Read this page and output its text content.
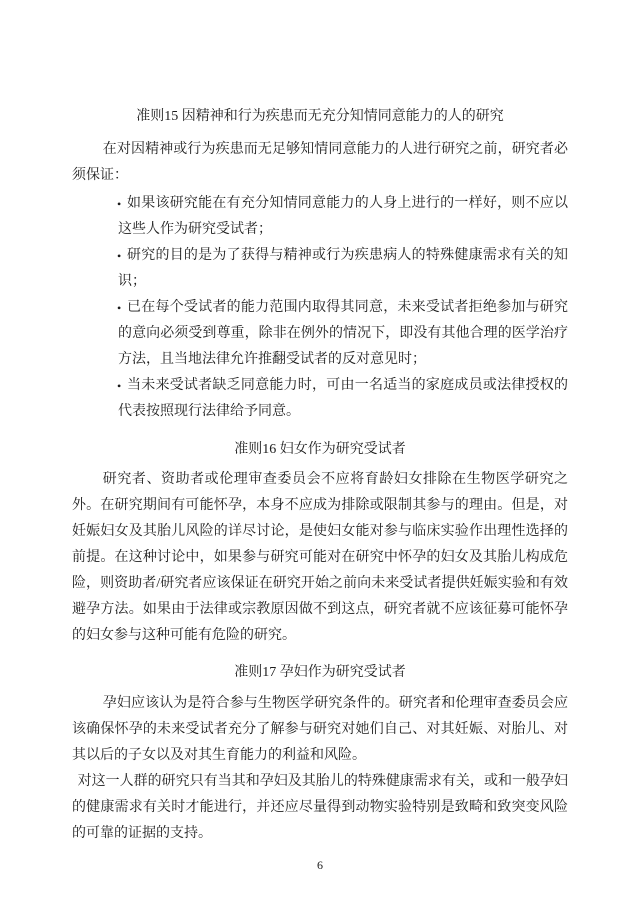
准则15 因精神和行为疾患而无充分知情同意能力的人的研究

在对因精神或行为疾患而无足够知情同意能力的人进行研究之前，研究者必须保证：

• 如果该研究能在有充分知情同意能力的人身上进行的一样好，则不应以这些人作为研究受试者；
• 研究的目的是为了获得与精神或行为疾患病人的特殊健康需求有关的知识；
• 已在每个受试者的能力范围内取得其同意，未来受试者拒绝参加与研究的意向必须受到尊重，除非在例外的情况下，即没有其他合理的医学治疗方法，且当地法律允许推翻受试者的反对意见时；
• 当未来受试者缺乏同意能力时，可由一名适当的家庭成员或法律授权的代表按照现行法律给予同意。
准则16 妇女作为研究受试者

研究者、资助者或伦理审查委员会不应将育龄妇女排除在生物医学研究之外。在研究期间有可能怀孕，本身不应成为排除或限制其参与的理由。但是，对妊娠妇女及其胎儿风险的详尽讨论，是使妇女能对参与临床实验作出理性选择的前提。在这种讨论中，如果参与研究可能对在研究中怀孕的妇女及其胎儿构成危险，则资助者/研究者应该保证在研究开始之前向未来受试者提供妊娠实验和有效避孕方法。如果由于法律或宗教原因做不到这点，研究者就不应该征募可能怀孕的妇女参与这种可能有危险的研究。

准则17 孕妇作为研究受试者

孕妇应该认为是符合参与生物医学研究条件的。研究者和伦理审查委员会应该确保怀孕的未来受试者充分了解参与研究对她们自己、对其妊娠、对胎儿、对其以后的子女以及对其生育能力的利益和风险。

对这一人群的研究只有当其和孕妇及其胎儿的特殊健康需求有关，或和一般孕妇的健康需求有关时才能进行，并还应尽量得到动物实验特别是致畸和致突变风险的可靠的证据的支持。

6
